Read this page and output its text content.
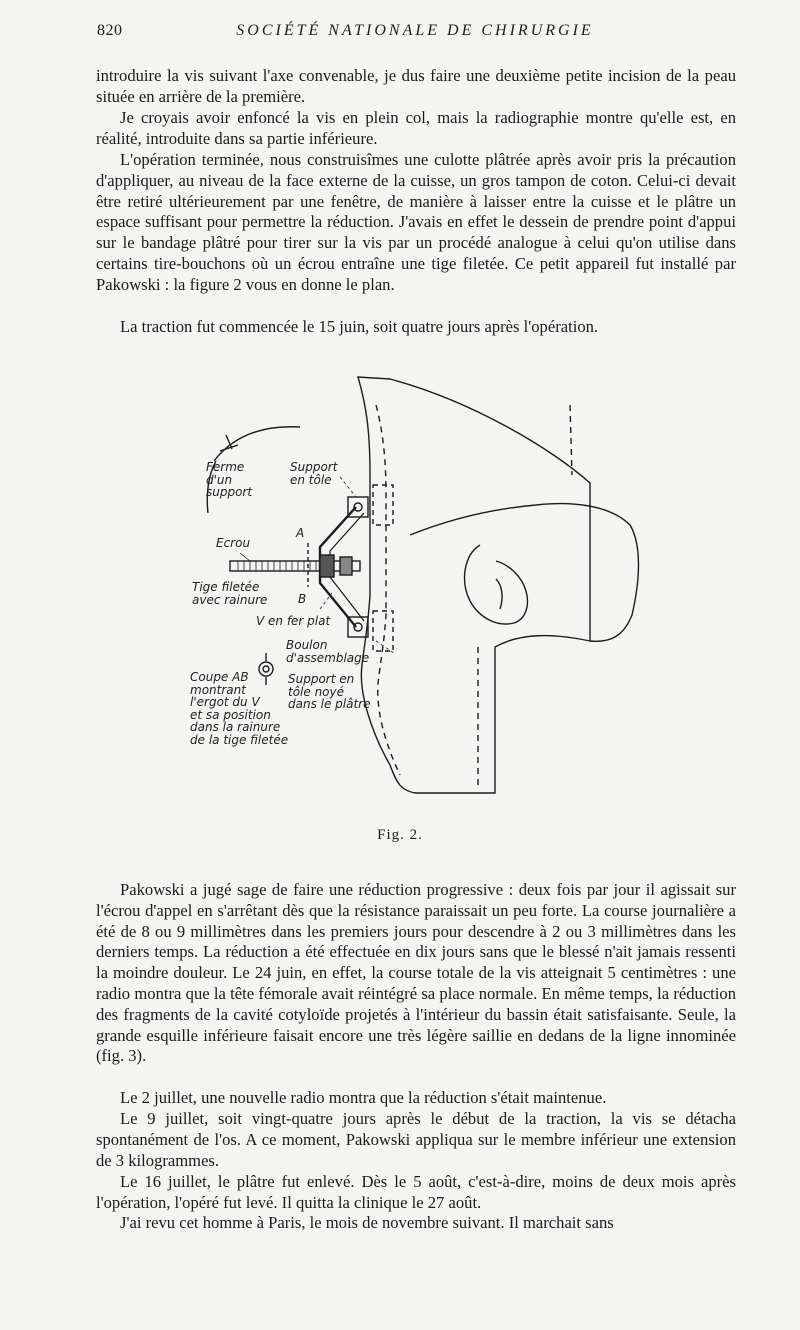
820	SOCIÉTÉ NATIONALE DE CHIRURGIE

introduire la vis suivant l'axe convenable, je dus faire une deuxième petite incision de la peau située en arrière de la première.

Je croyais avoir enfoncé la vis en plein col, mais la radiographie montre qu'elle est, en réalité, introduite dans sa partie inférieure.

L'opération terminée, nous construisîmes une culotte plâtrée après avoir pris la précaution d'appliquer, au niveau de la face externe de la cuisse, un gros tampon de coton. Celui-ci devait être retiré ultérieurement par une fenêtre, de manière à laisser entre la cuisse et le plâtre un espace suffisant pour permettre la réduction. J'avais en effet le dessein de prendre point d'appui sur le bandage plâtré pour tirer sur la vis par un procédé analogue à celui qu'on utilise dans certains tire-bouchons où un écrou entraîne une tige filetée. Ce petit appareil fut installé par Pakowski : la figure 2 vous en donne le plan.

La traction fut commencée le 15 juin, soit quatre jours après l'opération.

Ferme
d'un
support
Support
en tôle
Ecrou
A
Tige filetée
avec rainure	B
V en fer plat
Boulon
d'assemblage
Coupe AB
montrant
l'ergot du V
et sa position
dans la rainure
de la tige filetée
Support en
tôle noyé
dans le plâtre
Fig. 2.

Pakowski a jugé sage de faire une réduction progressive : deux fois par jour il agissait sur l'écrou d'appel en s'arrêtant dès que la résistance paraissait un peu forte. La course journalière a été de 8 ou 9 millimètres dans les premiers jours pour descendre à 2 ou 3 millimètres dans les derniers temps. La réduction a été effectuée en dix jours sans que le blessé n'ait jamais ressenti la moindre douleur. Le 24 juin, en effet, la course totale de la vis atteignait 5 centimètres : une radio montra que la tête fémorale avait réintégré sa place normale. En même temps, la réduction des fragments de la cavité cotyloïde projetés à l'intérieur du bassin était satisfaisante. Seule, la grande esquille inférieure faisait encore une très légère saillie en dedans de la ligne innominée (fig. 3).

Le 2 juillet, une nouvelle radio montra que la réduction s'était maintenue.

Le 9 juillet, soit vingt-quatre jours après le début de la traction, la vis se détacha spontanément de l'os. A ce moment, Pakowski appliqua sur le membre inférieur une extension de 3 kilogrammes.

Le 16 juillet, le plâtre fut enlevé. Dès le 5 août, c'est-à-dire, moins de deux mois après l'opération, l'opéré fut levé. Il quitta la clinique le 27 août.

J'ai revu cet homme à Paris, le mois de novembre suivant. Il marchait sans
